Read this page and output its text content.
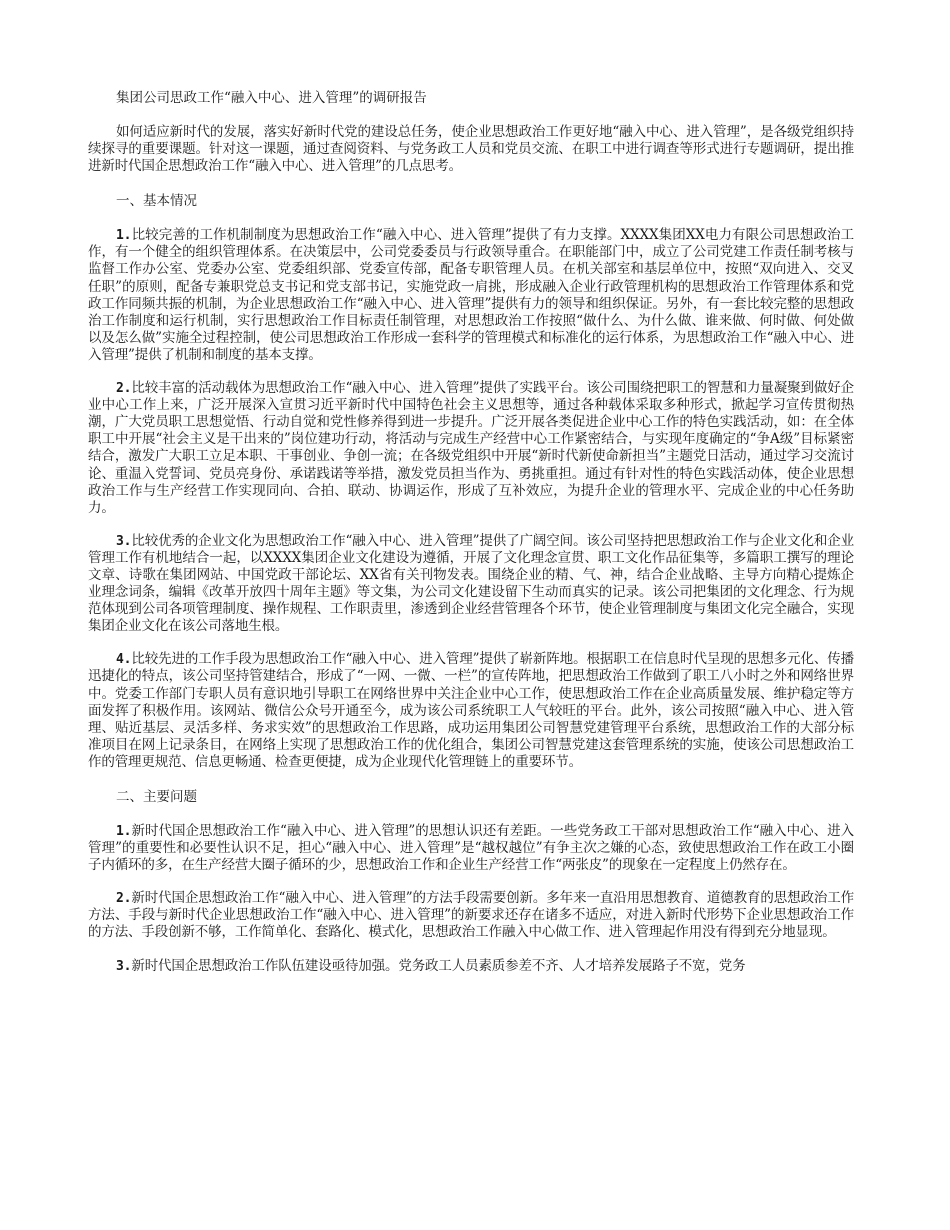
集团公司思政工作“融入中心、进入管理”的调研报告

如何适应新时代的发展，落实好新时代党的建设总任务，使企业思想政治工作更好地“融入中心、进入管理”，是各级党组织持续探寻的重要课题。针对这一课题，通过查阅资料、与党务政工人员和党员交流、在职工中进行调查等形式进行专题调研，提出推进新时代国企思想政治工作“融入中心、进入管理”的几点思考。

一、基本情况

1.比较完善的工作机制制度为思想政治工作“融入中心、进入管理”提供了有力支撑。XXXX集团XX电力有限公司思想政治工作，有一个健全的组织管理体系。在决策层中，公司党委委员与行政领导重合。在职能部门中，成立了公司党建工作责任制考核与监督工作办公室、党委办公室、党委组织部、党委宣传部，配备专职管理人员。在机关部室和基层单位中，按照“双向进入、交叉任职”的原则，配备专兼职党总支书记和党支部书记，实施党政一肩挑，形成融入企业行政管理机构的思想政治工作管理体系和党政工作同频共振的机制，为企业思想政治工作“融入中心、进入管理”提供有力的领导和组织保证。另外，有一套比较完整的思想政治工作制度和运行机制，实行思想政治工作目标责任制管理，对思想政治工作按照“做什么、为什么做、谁来做、何时做、何处做以及怎么做”实施全过程控制，使公司思想政治工作形成一套科学的管理模式和标准化的运行体系，为思想政治工作“融入中心、进入管理”提供了机制和制度的基本支撑。

2.比较丰富的活动载体为思想政治工作“融入中心、进入管理”提供了实践平台。该公司围绕把职工的智慧和力量凝聚到做好企业中心工作上来，广泛开展深入宣贯习近平新时代中国特色社会主义思想等，通过各种载体采取多种形式，掀起学习宣传贯彻热潮，广大党员职工思想觉悟、行动自觉和党性修养得到进一步提升。广泛开展各类促进企业中心工作的特色实践活动，如：在全体职工中开展“社会主义是干出来的”岗位建功行动，将活动与完成生产经营中心工作紧密结合，与实现年度确定的“争A级”目标紧密结合，激发广大职工立足本职、干事创业、争创一流；在各级党组织中开展“新时代新使命新担当”主题党日活动，通过学习交流讨论、重温入党誓词、党员亮身份、承诺践诺等举措，激发党员担当作为、勇挑重担。通过有针对性的特色实践活动体，使企业思想政治工作与生产经营工作实现同向、合拍、联动、协调运作，形成了互补效应，为提升企业的管理水平、完成企业的中心任务助力。

3.比较优秀的企业文化为思想政治工作“融入中心、进入管理”提供了广阔空间。该公司坚持把思想政治工作与企业文化和企业管理工作有机地结合一起，以XXXX集团企业文化建设为遵循，开展了文化理念宣贯、职工文化作品征集等，多篇职工撰写的理论文章、诗歌在集团网站、中国党政干部论坛、XX省有关刊物发表。围绕企业的精、气、神，结合企业战略、主导方向精心提炼企业理念词条，编辑《改革开放四十周年主题》等文集，为公司文化建设留下生动而真实的记录。该公司把集团的文化理念、行为规范体现到公司各项管理制度、操作规程、工作职责里，渗透到企业经营管理各个环节，使企业管理制度与集团文化完全融合，实现集团企业文化在该公司落地生根。

4.比较先进的工作手段为思想政治工作“融入中心、进入管理”提供了崭新阵地。根据职工在信息时代呈现的思想多元化、传播迅捷化的特点，该公司坚持管建结合，形成了“一网、一微、一栏”的宣传阵地，把思想政治工作做到了职工八小时之外和网络世界中。党委工作部门专职人员有意识地引导职工在网络世界中关注企业中心工作，使思想政治工作在企业高质量发展、维护稳定等方面发挥了积极作用。该网站、微信公众号开通至今，成为该公司系统职工人气较旺的平台。此外，该公司按照“融入中心、进入管理、贴近基层、灵活多样、务求实效”的思想政治工作思路，成功运用集团公司智慧党建管理平台系统，思想政治工作的大部分标准项目在网上记录条目，在网络上实现了思想政治工作的优化组合，集团公司智慧党建这套管理系统的实施，使该公司思想政治工作的管理更规范、信息更畅通、检查更便捷，成为企业现代化管理链上的重要环节。

二、主要问题

1.新时代国企思想政治工作“融入中心、进入管理”的思想认识还有差距。一些党务政工干部对思想政治工作“融入中心、进入管理”的重要性和必要性认识不足，担心“融入中心、进入管理”是“越权越位”有争主次之嫌的心态，致使思想政治工作在政工小圈子内循环的多，在生产经营大圈子循环的少，思想政治工作和企业生产经营工作“两张皮”的现象在一定程度上仍然存在。

2.新时代国企思想政治工作“融入中心、进入管理”的方法手段需要创新。多年来一直沿用思想教育、道德教育的思想政治工作方法、手段与新时代企业思想政治工作“融入中心、进入管理”的新要求还存在诸多不适应，对进入新时代形势下企业思想政治工作的方法、手段创新不够，工作简单化、套路化、模式化，思想政治工作融入中心做工作、进入管理起作用没有得到充分地显现。

3.新时代国企思想政治工作队伍建设亟待加强。党务政工人员素质参差不齐、人才培养发展路子不宽，党务
